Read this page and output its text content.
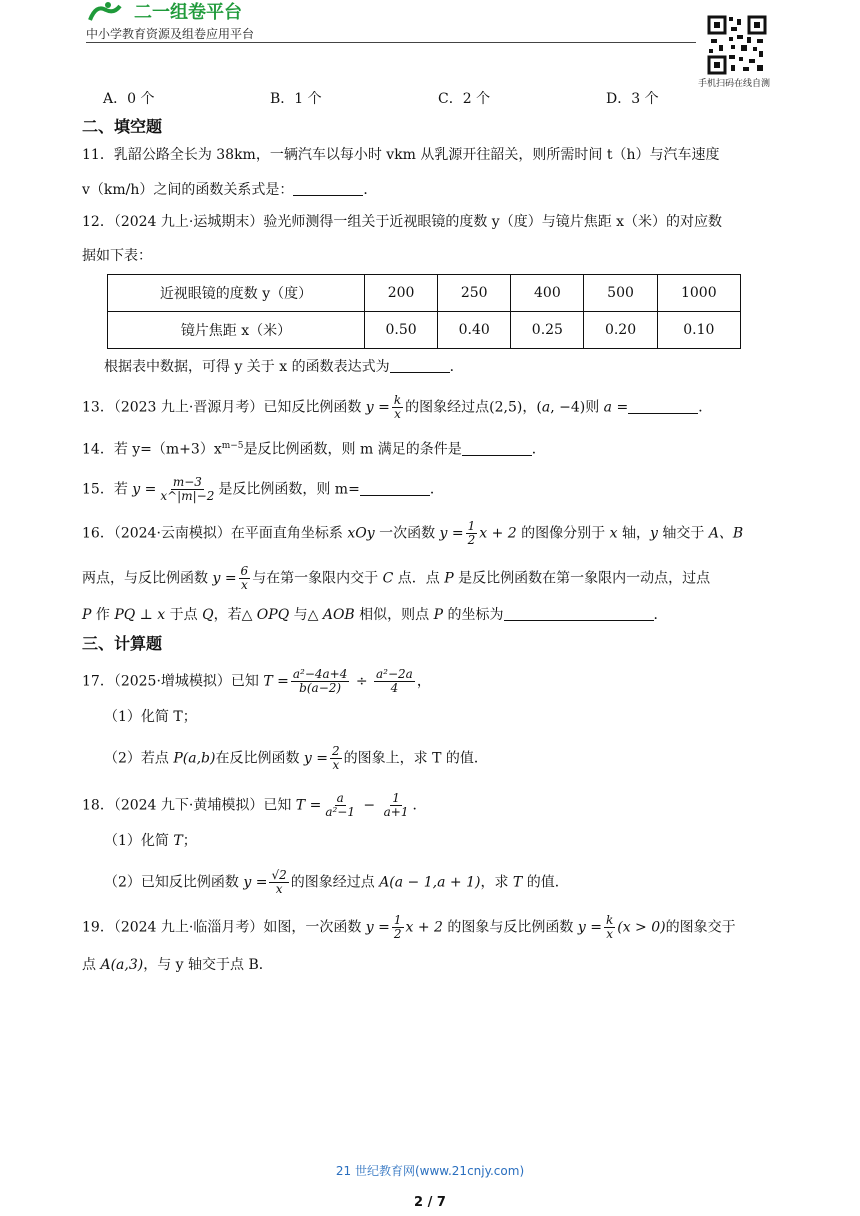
二一组卷平台
中小学教育资源及组卷应用平台
手机扫码在线自测
A．0 个	B．1 个	C．2 个	D．3 个
二、填空题
11．乳韶公路全长为 38km，一辆汽车以每小时 vkm 从乳源开往韶关，则所需时间 t（h）与汽车速度
v（km/h）之间的函数关系式是：	．
12．（2024 九上·运城期末）验光师测得一组关于近视眼镜的度数 y（度）与镜片焦距 x（米）的对应数
据如下表：
近视眼镜的度数 y（度）	200	250	400	500	1000
镜片焦距 x（米）	0.50	0.40	0.25	0.20	0.10
根据表中数据，可得 y 关于 x 的函数表达式为	．
13．（2023 九上·晋源月考）已知反比例函数 $y = \frac{k}{x}$ 的图象经过点(2,5)，(a, −4)则 a =	．
14．若 $y=(m+3)x^{m-5}$是反比例函数，则 m 满足的条件是	．
15．若 $y = \frac{m-3}{x\^{}|m|-2}$ 是反比例函数，则 m=	．
16．（2024·云南模拟）在平面直角坐标系 xOy 一次函数 $y = \frac{1}{2}$ x + 2 的图像分别于 x 轴，y 轴交于 A、B
两点，与反比例函数 $y = \frac{6}{x}$ 与在第一象限内交于 C 点．点 P 是反比例函数在第一象限内一动点，过点
P 作 PQ ⊥ x 于点 Q，若△ OPQ 与△ AOB 相似，则点 P 的坐标为	．
三、计算题
17．（2025·增城模拟）已知 $T = \frac{\text{a²−4a+4}}{b(a-2)} \div \frac{\text{a²−2a}}{4}$ ，
（1）化简 T；
（2）若点 P(a,b)在反比例函数 $y = \frac{2}{x}$ 的图象上，求 T 的值．
18．（2024 九下·黄埔模拟）已知 $T = \frac{a}{\text{a²−1}} - \frac{1}{a+1}$ ．
（1）化简 T；
（2）已知反比例函数 $y = \frac{√2}{x}$ 的图象经过点 A(a − 1,a + 1)，求 T 的值．
19．（2024 九上·临淄月考）如图，一次函数 $y = \frac{1}{2}$ x + 2 的图象与反比例函数 $y = \frac{k}{x} (x > 0)$的图象交于
点 A(a,3)，与 y 轴交于点 B．
21 世纪教育网(www.21cnjy.com)
2 / 7
